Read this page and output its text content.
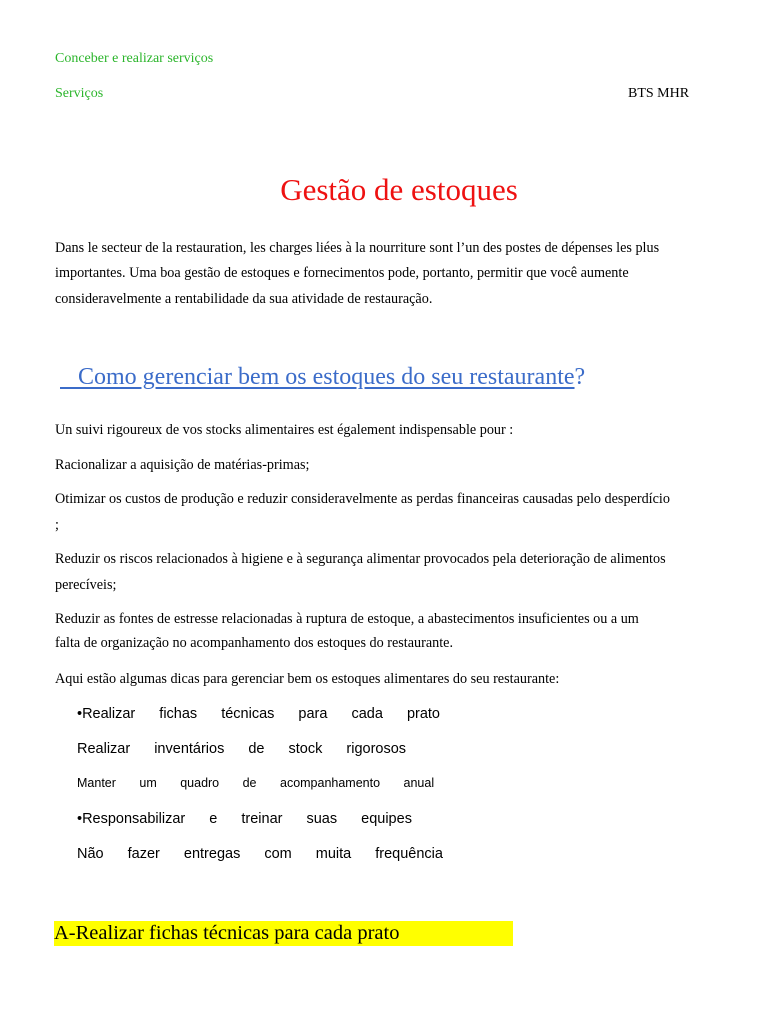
Conceber e realizar serviços
Serviços	BTS MHR
Gestão de estoques
Dans le secteur de la restauration, les charges liées à la nourriture sont l’un des postes de dépenses les plus
importantes. Uma boa gestão de estoques e fornecimentos pode, portanto, permitir que você aumente
consideravelmente a rentabilidade da sua atividade de restauração.
Como gerenciar bem os estoques do seu restaurante?
Un suivi rigoureux de vos stocks alimentaires est également indispensable pour :
Racionalizar a aquisição de matérias-primas;
Otimizar os custos de produção e reduzir consideravelmente as perdas financeiras causadas pelo desperdício
;
Reduzir os riscos relacionados à higiene e à segurança alimentar provocados pela deterioração de alimentos
perecíveis;
Reduzir as fontes de estresse relacionadas à ruptura de estoque, a abastecimentos insuficientes ou a um
falta de organização no acompanhamento dos estoques do restaurante.
Aqui estão algumas dicas para gerenciar bem os estoques alimentares do seu restaurante:
•Realizar fichas técnicas para cada prato
Realizar inventários de stock rigorosos
Manter um quadro de acompanhamento anual
•Responsabilizar e treinar suas equipes
Não fazer entregas com muita frequência
A-Realizar fichas técnicas para cada prato
